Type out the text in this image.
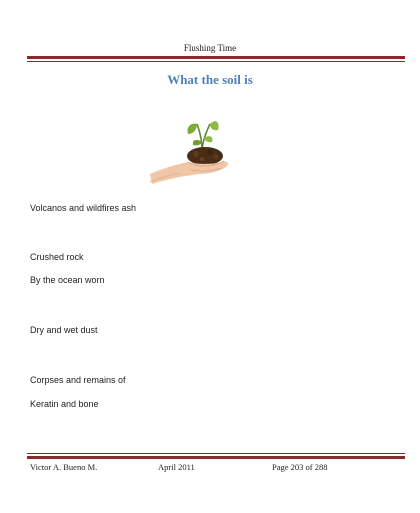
Flushing Time
What the soil is
Volcanos and wildfires ash
Crushed rock
By the ocean worn
Dry and wet dust
Corpses and remains of
Keratin and bone
Victor A. Bueno M.	April 2011	Page 203 of 288
